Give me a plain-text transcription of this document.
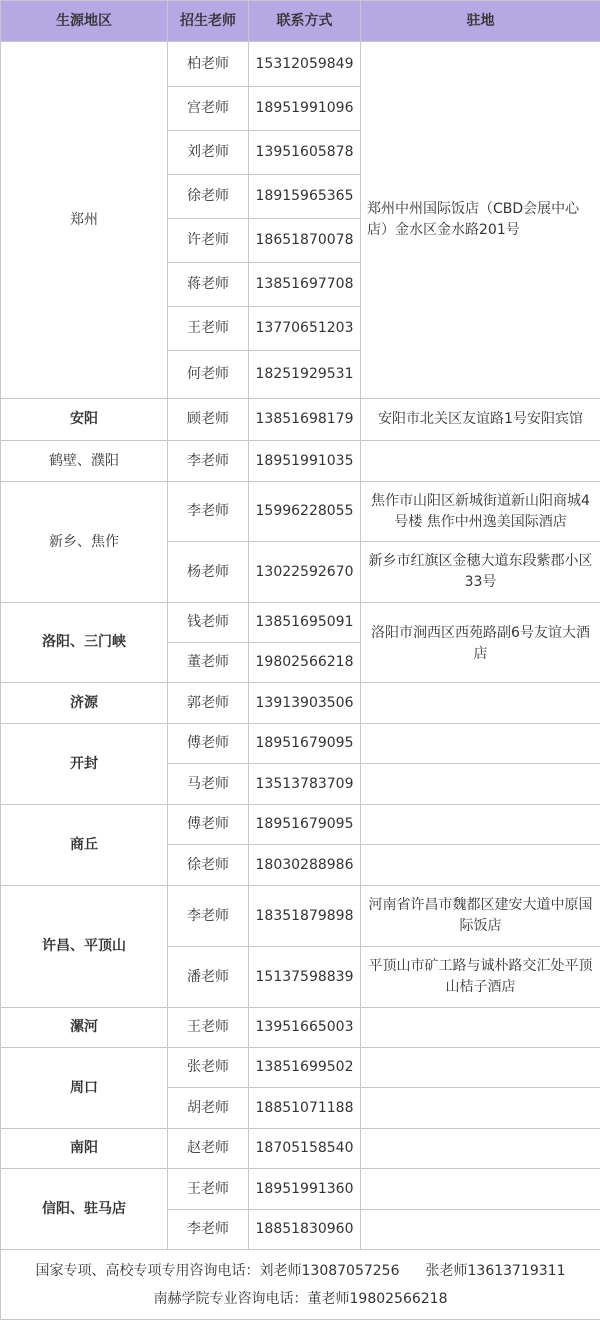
生源地区	招生老师	联系方式	驻地
郑州	柏老师	15312059849	郑州中州国际饭店（CBD会展中心店）金水区金水路201号
	宫老师	18951991096	
	刘老师	13951605878	
	徐老师	18915965365	
	许老师	18651870078	
	蒋老师	13851697708	
	王老师	13770651203	
	何老师	18251929531	
安阳	顾老师	13851698179	安阳市北关区友谊路1号安阳宾馆
鹤壁、濮阳	李老师	18951991035	
新乡、焦作	李老师	15996228055	焦作市山阳区新城街道新山阳商城4号楼 焦作中州逸美国际酒店
	杨老师	13022592670	新乡市红旗区金穗大道东段紫郡小区33号
洛阳、三门峡	钱老师	13851695091	洛阳市涧西区西苑路副6号友谊大酒店
	董老师	19802566218	
济源	郭老师	13913903506	
开封	傅老师	18951679095	
	马老师	13513783709	
商丘	傅老师	18951679095	
	徐老师	18030288986	
许昌、平顶山	李老师	18351879898	河南省许昌市魏都区建安大道中原国际饭店
	潘老师	15137598839	平顶山市矿工路与诚朴路交汇处平顶山桔子酒店
漯河	王老师	13951665003	
周口	张老师	13851699502	
	胡老师	18851071188	
南阳	赵老师	18705158540	
信阳、驻马店	王老师	18951991360	
	李老师	18851830960	

国家专项、高校专项专用咨询电话：刘老师13087057256 张老师13613719311
南赫学院专业咨询电话：董老师19802566218			
